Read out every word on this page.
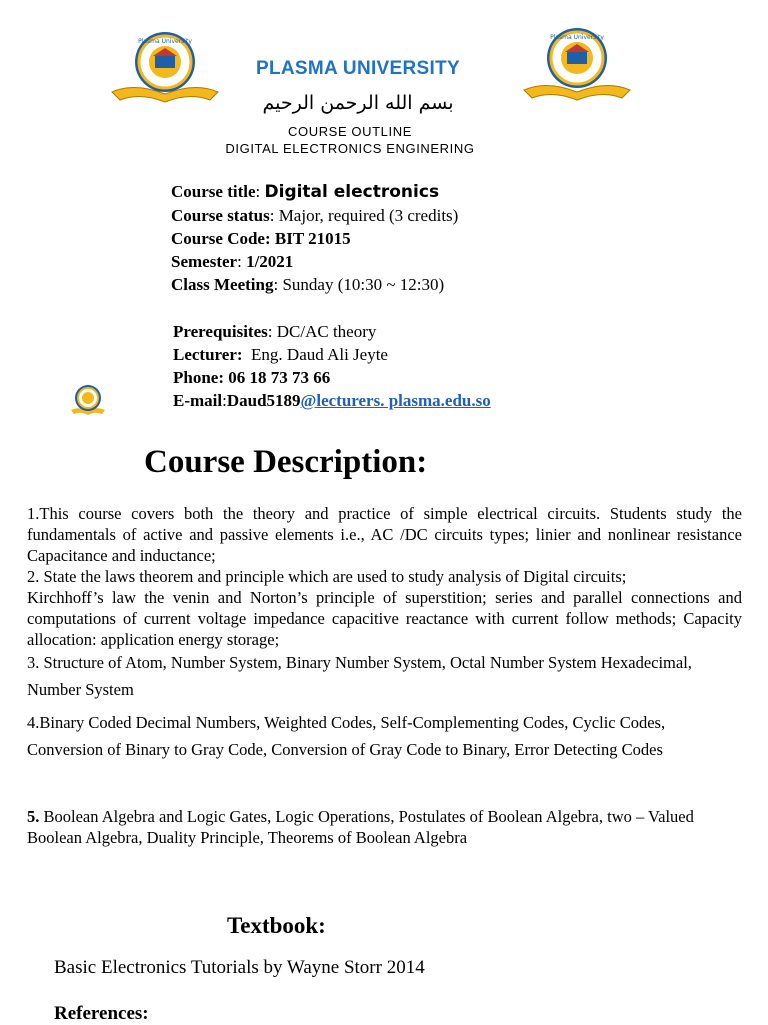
Plasma University
Plasma University
PLASMA UNIVERSITY
بسم الله الرحمن الرحيم
COURSE OUTLINE
DIGITAL ELECTRONICS ENGINERING
Course title: Digital electronics
Course status: Major, required (3 credits)
Course Code: BIT 21015
Semester: 1/2021
Class Meeting: Sunday (10:30 ~ 12:30)
Prerequisites: DC/AC theory
Lecturer: Eng. Daud Ali Jeyte
Phone: 06 18 73 73 66
E-mail:Daud5189@lecturers. plasma.edu.so
Course Description:
1.This course covers both the theory and practice of simple electrical circuits. Students study the fundamentals of active and passive elements i.e., AC /DC circuits types; linier and nonlinear resistance Capacitance and inductance;
2. State the laws theorem and principle which are used to study analysis of Digital circuits;
Kirchhoff’s law the venin and Norton’s principle of superstition; series and parallel connections and computations of current voltage impedance capacitive reactance with current follow methods; Capacity allocation: application energy storage;
3. Structure of Atom, Number System, Binary Number System, Octal Number System Hexadecimal, Number System
4.Binary Coded Decimal Numbers, Weighted Codes, Self-Complementing Codes, Cyclic Codes, Conversion of Binary to Gray Code, Conversion of Gray Code to Binary, Error Detecting Codes
5. Boolean Algebra and Logic Gates, Logic Operations, Postulates of Boolean Algebra, two – Valued Boolean Algebra, Duality Principle, Theorems of Boolean Algebra
Textbook:
Basic Electronics Tutorials by Wayne Storr 2014
References:
